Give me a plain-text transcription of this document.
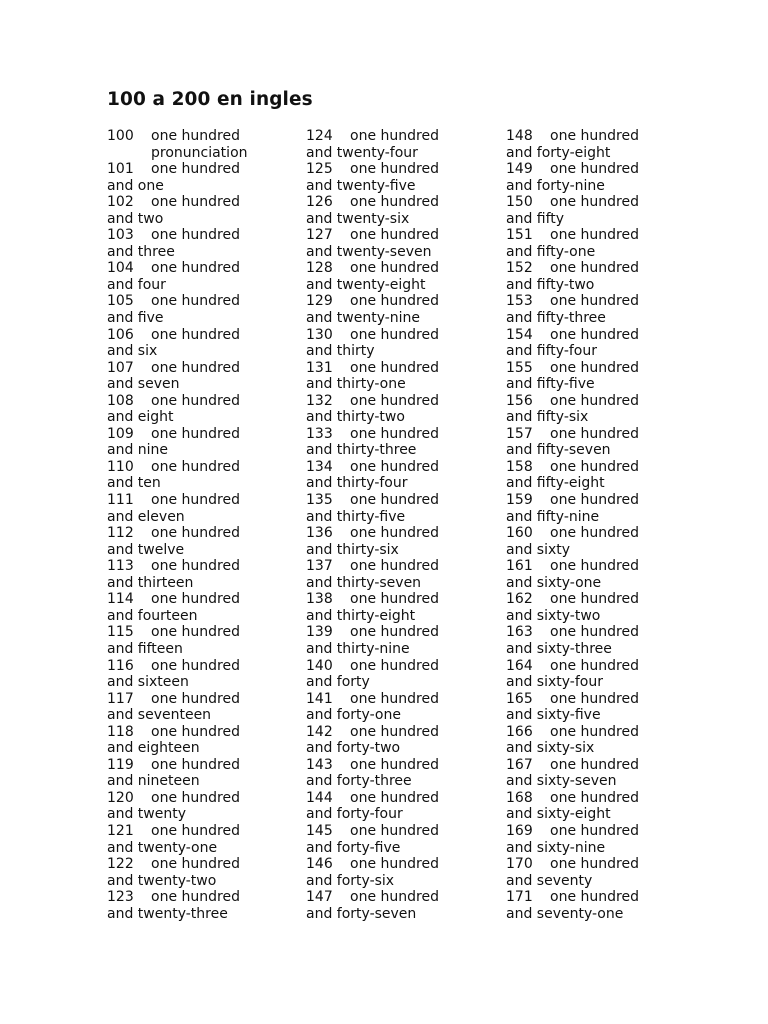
100 a 200 en ingles
100 one hundred
pronunciation
101 one hundred
and one
102 one hundred
and two
103 one hundred
and three
104 one hundred
and four
105 one hundred
and five
106 one hundred
and six
107 one hundred
and seven
108 one hundred
and eight
109 one hundred
and nine
110 one hundred
and ten
111 one hundred
and eleven
112 one hundred
and twelve
113 one hundred
and thirteen
114 one hundred
and fourteen
115 one hundred
and fifteen
116 one hundred
and sixteen
117 one hundred
and seventeen
118 one hundred
and eighteen
119 one hundred
and nineteen
120 one hundred
and twenty
121 one hundred
and twenty-one
122 one hundred
and twenty-two
123 one hundred
and twenty-three
124 one hundred
and twenty-four
125 one hundred
and twenty-five
126 one hundred
and twenty-six
127 one hundred
and twenty-seven
128 one hundred
and twenty-eight
129 one hundred
and twenty-nine
130 one hundred
and thirty
131 one hundred
and thirty-one
132 one hundred
and thirty-two
133 one hundred
and thirty-three
134 one hundred
and thirty-four
135 one hundred
and thirty-five
136 one hundred
and thirty-six
137 one hundred
and thirty-seven
138 one hundred
and thirty-eight
139 one hundred
and thirty-nine
140 one hundred
and forty
141 one hundred
and forty-one
142 one hundred
and forty-two
143 one hundred
and forty-three
144 one hundred
and forty-four
145 one hundred
and forty-five
146 one hundred
and forty-six
147 one hundred
and forty-seven
148 one hundred
and forty-eight
149 one hundred
and forty-nine
150 one hundred
and fifty
151 one hundred
and fifty-one
152 one hundred
and fifty-two
153 one hundred
and fifty-three
154 one hundred
and fifty-four
155 one hundred
and fifty-five
156 one hundred
and fifty-six
157 one hundred
and fifty-seven
158 one hundred
and fifty-eight
159 one hundred
and fifty-nine
160 one hundred
and sixty
161 one hundred
and sixty-one
162 one hundred
and sixty-two
163 one hundred
and sixty-three
164 one hundred
and sixty-four
165 one hundred
and sixty-five
166 one hundred
and sixty-six
167 one hundred
and sixty-seven
168 one hundred
and sixty-eight
169 one hundred
and sixty-nine
170 one hundred
and seventy
171 one hundred
and seventy-one
